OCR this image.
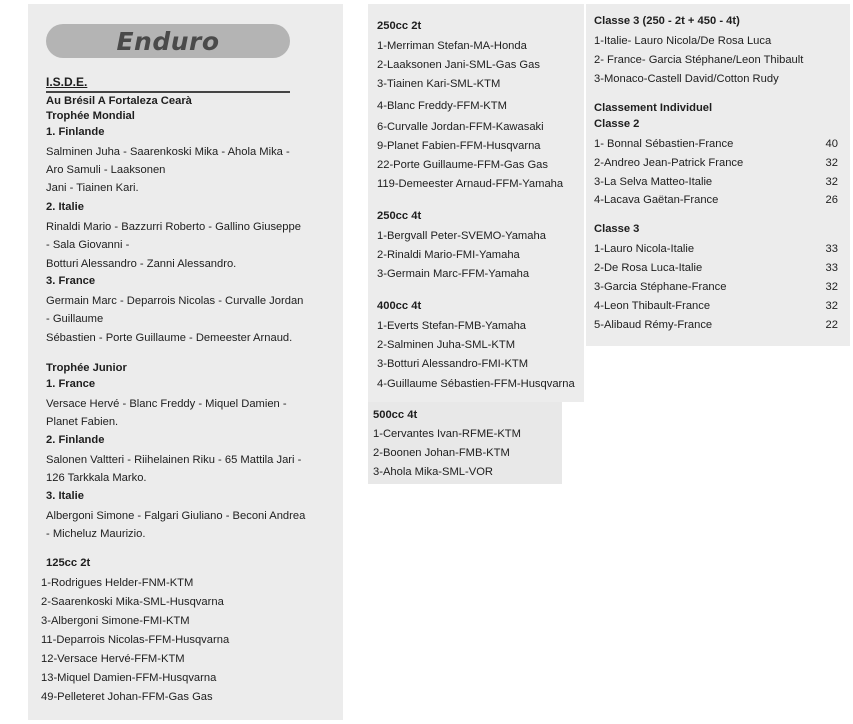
Enduro
I.S.D.E.
Au Brésil A Fortaleza Cearà
Trophée Mondial
1. Finlande
Salminen Juha - Saarenkoski Mika - Ahola Mika -
Aro Samuli - Laaksonen
Jani - Tiainen Kari.
2. Italie
Rinaldi Mario - Bazzurri Roberto - Gallino Giuseppe
- Sala Giovanni -
Botturi Alessandro - Zanni Alessandro.
3. France
Germain Marc - Deparrois Nicolas - Curvalle Jordan
- Guillaume
Sébastien - Porte Guillaume - Demeester Arnaud.
Trophée Junior
1. France
Versace Hervé - Blanc Freddy - Miquel Damien -
Planet Fabien.
2. Finlande
Salonen Valtteri - Riihelainen Riku - 65 Mattila Jari -
126 Tarkkala Marko.
3. Italie
Albergoni Simone - Falgari Giuliano - Beconi Andrea
- Micheluz Maurizio.
125cc 2t
1-Rodrigues Helder-FNM-KTM
2-Saarenkoski Mika-SML-Husqvarna
3-Albergoni Simone-FMI-KTM
11-Deparrois Nicolas-FFM-Husqvarna
12-Versace Hervé-FFM-KTM
13-Miquel Damien-FFM-Husqvarna
49-Pelleteret Johan-FFM-Gas Gas
250cc 2t
1-Merriman Stefan-MA-Honda
2-Laaksonen Jani-SML-Gas Gas
3-Tiainen Kari-SML-KTM
4-Blanc Freddy-FFM-KTM
6-Curvalle Jordan-FFM-Kawasaki
9-Planet Fabien-FFM-Husqvarna
22-Porte Guillaume-FFM-Gas Gas
119-Demeester Arnaud-FFM-Yamaha
250cc 4t
1-Bergvall Peter-SVEMO-Yamaha
2-Rinaldi Mario-FMI-Yamaha
3-Germain Marc-FFM-Yamaha
400cc 4t
1-Everts Stefan-FMB-Yamaha
2-Salminen Juha-SML-KTM
3-Botturi Alessandro-FMI-KTM
4-Guillaume Sébastien-FFM-Husqvarna
500cc 4t
1-Cervantes Ivan-RFME-KTM
2-Boonen Johan-FMB-KTM
3-Ahola Mika-SML-VOR
Classe 3 (250 - 2t + 450 - 4t)
1-Italie- Lauro Nicola/De Rosa Luca
2- France- Garcia Stéphane/Leon Thibault
3-Monaco-Castell David/Cotton Rudy
Classement Individuel
Classe 2
1- Bonnal Sébastien-France	40
2-Andreo Jean-Patrick France	32
3-La Selva Matteo-Italie	32
4-Lacava Gaëtan-France	26
Classe 3
1-Lauro Nicola-Italie	33
2-De Rosa Luca-Italie	33
3-Garcia Stéphane-France	32
4-Leon Thibault-France	32
5-Alibaud Rémy-France	22
